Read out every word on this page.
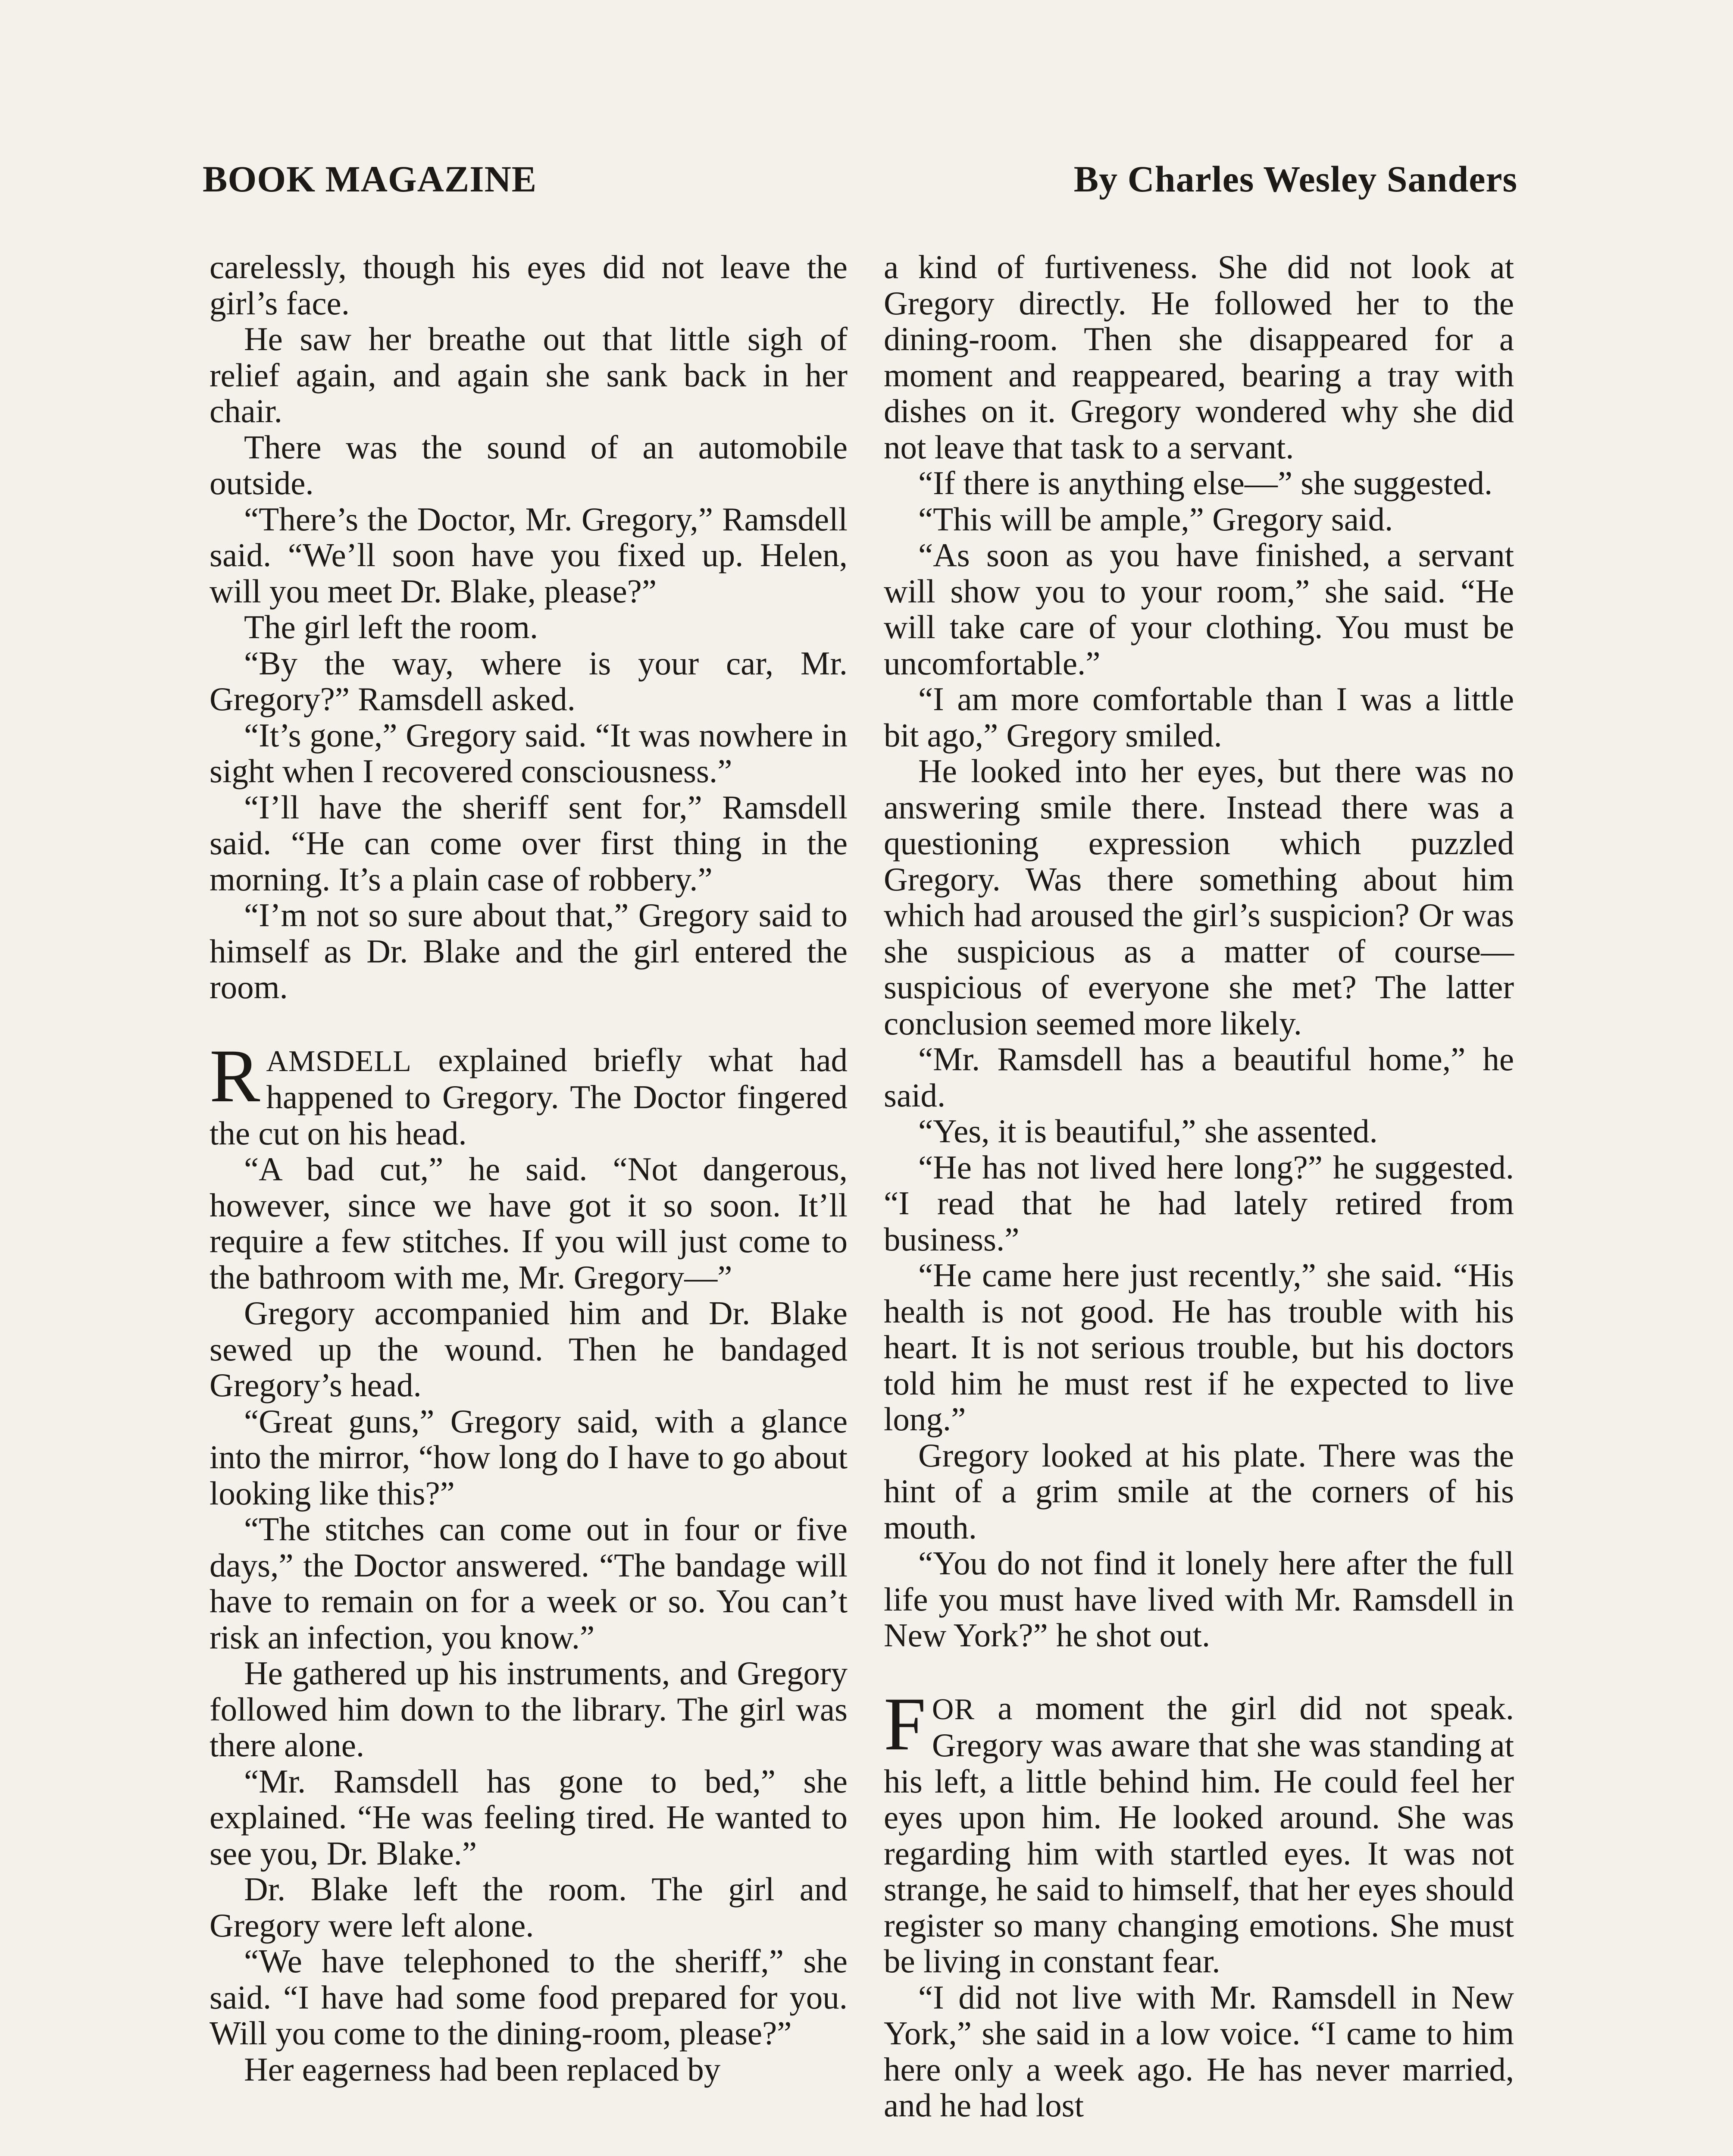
BOOK MAGAZINE	By Charles Wesley Sanders

carelessly, though his eyes did not leave the girl’s face.

He saw her breathe out that little sigh of relief again, and again she sank back in her chair.

There was the sound of an automobile outside.

“There’s the Doctor, Mr. Gregory,” Ramsdell said. “We’ll soon have you fixed up. Helen, will you meet Dr. Blake, please?”

The girl left the room.

“By the way, where is your car, Mr. Gregory?” Ramsdell asked.

“It’s gone,” Gregory said. “It was nowhere in sight when I recovered consciousness.”

“I’ll have the sheriff sent for,” Ramsdell said. “He can come over first thing in the morning. It’s a plain case of robbery.”

“I’m not so sure about that,” Gregory said to himself as Dr. Blake and the girl entered the room.

RAMSDELL explained briefly what had happened to Gregory. The Doctor fingered the cut on his head.

“A bad cut,” he said. “Not dangerous, however, since we have got it so soon. It’ll require a few stitches. If you will just come to the bathroom with me, Mr. Gregory—”

Gregory accompanied him and Dr. Blake sewed up the wound. Then he bandaged Gregory’s head.

“Great guns,” Gregory said, with a glance into the mirror, “how long do I have to go about looking like this?”

“The stitches can come out in four or five days,” the Doctor answered. “The bandage will have to remain on for a week or so. You can’t risk an infection, you know.”

He gathered up his instruments, and Gregory followed him down to the library. The girl was there alone.

“Mr. Ramsdell has gone to bed,” she explained. “He was feeling tired. He wanted to see you, Dr. Blake.”

Dr. Blake left the room. The girl and Gregory were left alone.

“We have telephoned to the sheriff,” she said. “I have had some food prepared for you. Will you come to the dining-room, please?”

Her eagerness had been replaced by

a kind of furtiveness. She did not look at Gregory directly. He followed her to the dining-room. Then she disappeared for a moment and reappeared, bearing a tray with dishes on it. Gregory wondered why she did not leave that task to a servant.

“If there is anything else—” she suggested.

“This will be ample,” Gregory said.

“As soon as you have finished, a servant will show you to your room,” she said. “He will take care of your clothing. You must be uncomfortable.”

“I am more comfortable than I was a little bit ago,” Gregory smiled.

He looked into her eyes, but there was no answering smile there. Instead there was a questioning expression which puzzled Gregory. Was there something about him which had aroused the girl’s suspicion? Or was she suspicious as a matter of course—suspicious of everyone she met? The latter conclusion seemed more likely.

“Mr. Ramsdell has a beautiful home,” he said.

“Yes, it is beautiful,” she assented.

“He has not lived here long?” he suggested. “I read that he had lately retired from business.”

“He came here just recently,” she said. “His health is not good. He has trouble with his heart. It is not serious trouble, but his doctors told him he must rest if he expected to live long.”

Gregory looked at his plate. There was the hint of a grim smile at the corners of his mouth.

“You do not find it lonely here after the full life you must have lived with Mr. Ramsdell in New York?” he shot out.

FOR a moment the girl did not speak. Gregory was aware that she was standing at his left, a little behind him. He could feel her eyes upon him. He looked around. She was regarding him with startled eyes. It was not strange, he said to himself, that her eyes should register so many changing emotions. She must be living in constant fear.

“I did not live with Mr. Ramsdell in New York,” she said in a low voice. “I came to him here only a week ago. He has never married, and he had lost
